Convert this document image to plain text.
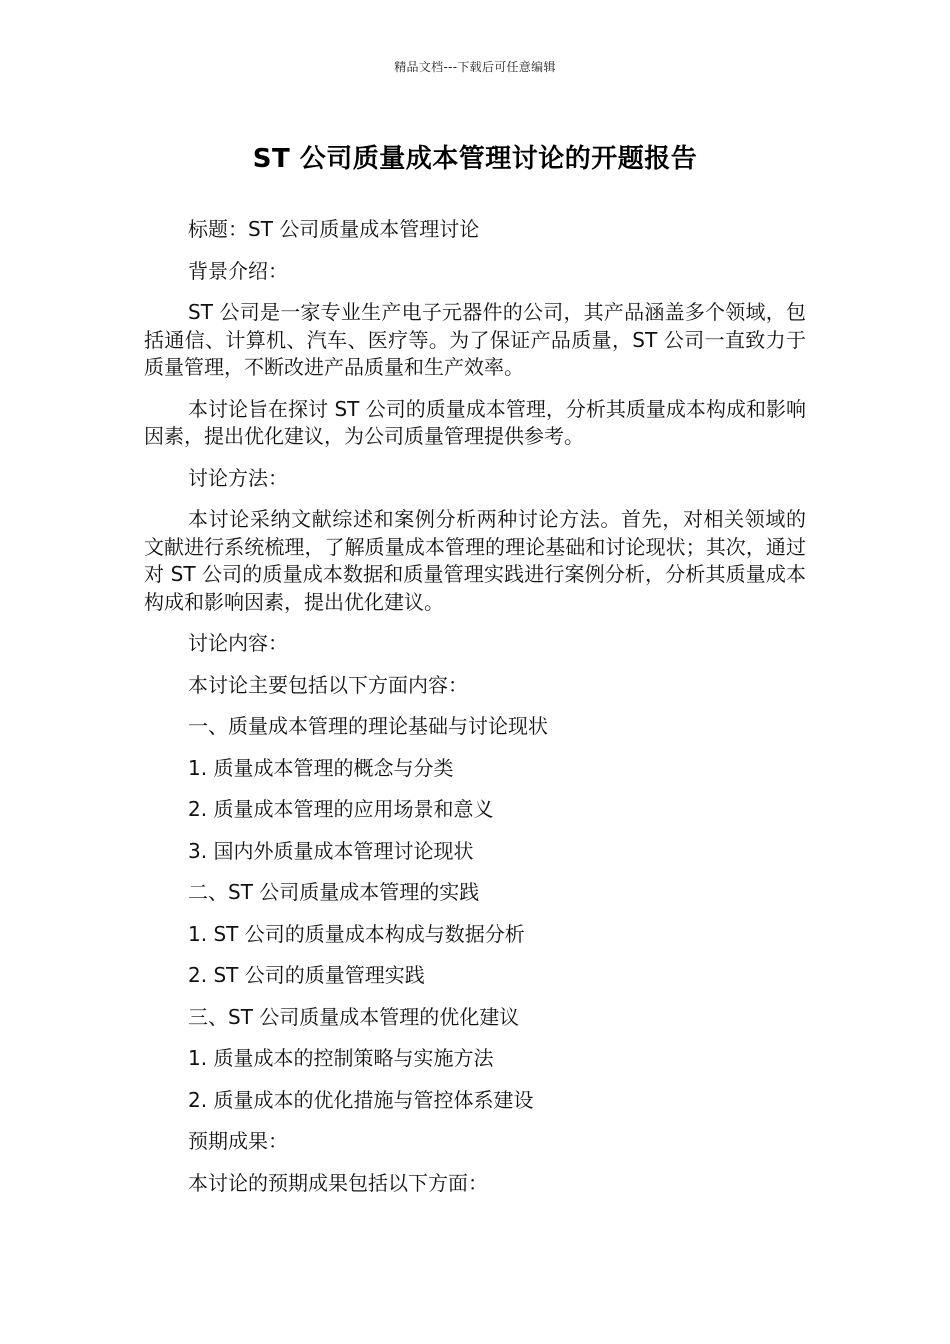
精品文档---下载后可任意编辑
ST 公司质量成本管理讨论的开题报告

标题：ST 公司质量成本管理讨论

背景介绍：

ST 公司是一家专业生产电子元器件的公司，其产品涵盖多个领域，包括通信、计算机、汽车、医疗等。为了保证产品质量，ST 公司一直致力于质量管理，不断改进产品质量和生产效率。

本讨论旨在探讨 ST 公司的质量成本管理，分析其质量成本构成和影响因素，提出优化建议，为公司质量管理提供参考。

讨论方法：

本讨论采纳文献综述和案例分析两种讨论方法。首先，对相关领域的文献进行系统梳理，了解质量成本管理的理论基础和讨论现状；其次，通过对 ST 公司的质量成本数据和质量管理实践进行案例分析，分析其质量成本构成和影响因素，提出优化建议。

讨论内容：

本讨论主要包括以下方面内容：

一、质量成本管理的理论基础与讨论现状

1. 质量成本管理的概念与分类

2. 质量成本管理的应用场景和意义

3. 国内外质量成本管理讨论现状

二、ST 公司质量成本管理的实践

1. ST 公司的质量成本构成与数据分析

2. ST 公司的质量管理实践

三、ST 公司质量成本管理的优化建议

1. 质量成本的控制策略与实施方法

2. 质量成本的优化措施与管控体系建设

预期成果：

本讨论的预期成果包括以下方面：
